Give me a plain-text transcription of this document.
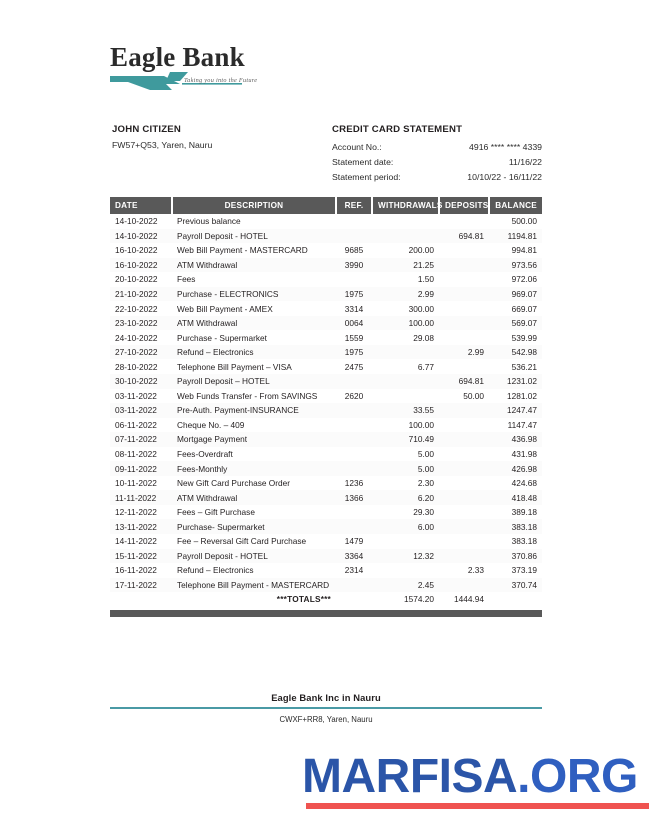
Eagle Bank
Taking you into the Future
JOHN CITIZEN
FW57+Q53, Yaren, Nauru
CREDIT CARD STATEMENT
Account No.:	4916 **** **** 4339
Statement date:	11/16/22
Statement period:	10/10/22 - 16/11/22
DATE	DESCRIPTION	REF.	WITHDRAWALS	DEPOSITS	BALANCE
14-10-2022	Previous balance				500.00
14-10-2022	Payroll Deposit - HOTEL			694.81	1194.81
16-10-2022	Web Bill Payment - MASTERCARD	9685	200.00		994.81
16-10-2022	ATM Withdrawal	3990	21.25		973.56
20-10-2022	Fees		1.50		972.06
21-10-2022	Purchase - ELECTRONICS	1975	2.99		969.07
22-10-2022	Web Bill Payment - AMEX	3314	300.00		669.07
23-10-2022	ATM Withdrawal	0064	100.00		569.07
24-10-2022	Purchase - Supermarket	1559	29.08		539.99
27-10-2022	Refund – Electronics	1975		2.99	542.98
28-10-2022	Telephone Bill Payment – VISA	2475	6.77		536.21
30-10-2022	Payroll Deposit – HOTEL			694.81	1231.02
03-11-2022	Web Funds Transfer - From SAVINGS	2620		50.00	1281.02
03-11-2022	Pre-Auth. Payment-INSURANCE		33.55		1247.47
06-11-2022	Cheque No. – 409		100.00		1147.47
07-11-2022	Mortgage Payment		710.49		436.98
08-11-2022	Fees-Overdraft		5.00		431.98
09-11-2022	Fees-Monthly		5.00		426.98
10-11-2022	New Gift Card Purchase Order	1236	2.30		424.68
11-11-2022	ATM Withdrawal	1366	6.20		418.48
12-11-2022	Fees – Gift Purchase		29.30		389.18
13-11-2022	Purchase- Supermarket		6.00		383.18
14-11-2022	Fee – Reversal Gift Card Purchase	1479			383.18
15-11-2022	Payroll Deposit - HOTEL	3364	12.32		370.86
16-11-2022	Refund – Electronics	2314		2.33	373.19
17-11-2022	Telephone Bill Payment - MASTERCARD		2.45		370.74
	***TOTALS***		1574.20	1444.94	
Eagle Bank Inc in Nauru
CWXF+RR8, Yaren, Nauru
MARFISA.ORG
